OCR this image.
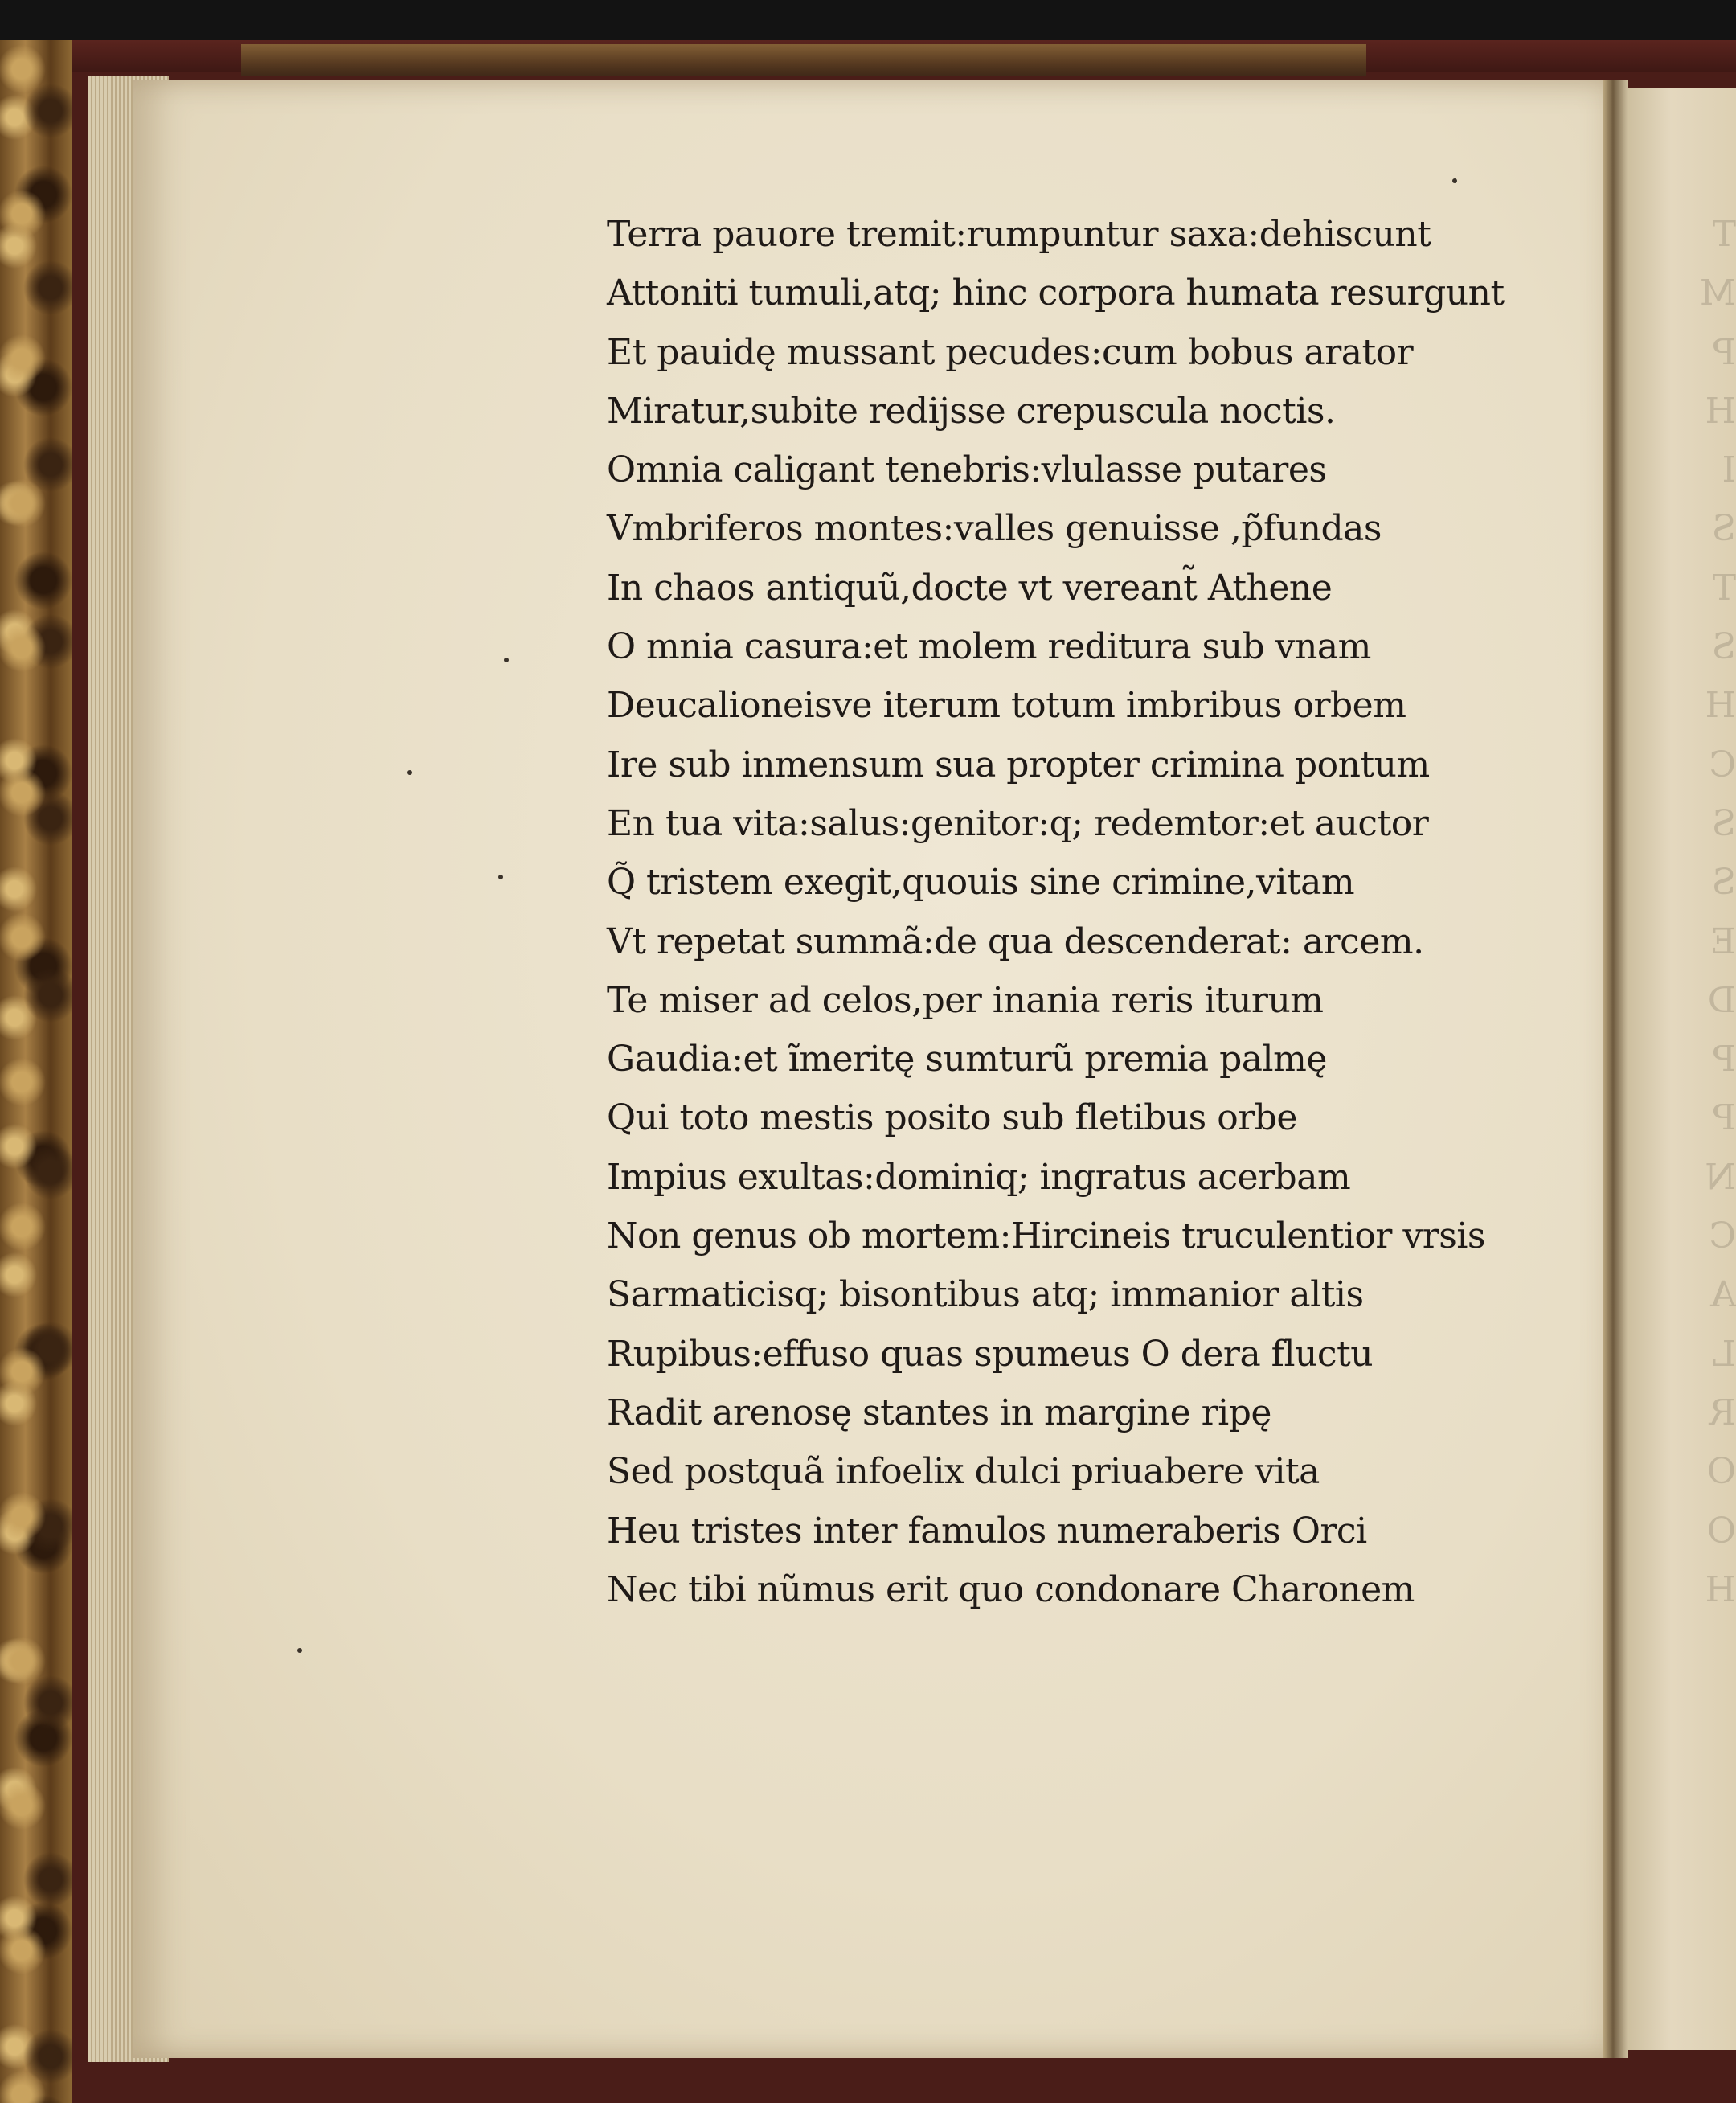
T
M
P
H
I
S
T
S
H
C
S
S
E
D
P
P
N
C
A
L
R
O
O
H
Terra pauore tremit:rumpuntur saxa:dehiscunt
Attoniti tumuli,atq; hinc corpora humata resurgunt
Et pauidę mussant pecudes:cum bobus arator
Miratur,subite redijsse crepuscula noctis.
Omnia caligant tenebris:vlulasse putares
Vmbriferos montes:valles genuisse ,p̃fundas
In chaos antiquũ,docte vt vereant̃ Athene
O mnia casura:et molem reditura sub vnam
Deucalioneisve iterum totum imbribus orbem
Ire sub inmensum sua propter crimina pontum
En tua vita:salus:genitor:q; redemtor:et auctor
Q̃ tristem exegit,quouis sine crimine,vitam
Vt repetat summã:de qua descenderat: arcem.
Te miser ad celos,per inania reris iturum
Gaudia:et ĩmeritę sumturũ premia palmę
Qui toto mestis posito sub fletibus orbe
Impius exultas:dominiq; ingratus acerbam
Non genus ob mortem:Hircineis truculentior vrsis
Sarmaticisq; bisontibus atq; immanior altis
Rupibus:effuso quas spumeus O dera fluctu
Radit arenosę stantes in margine ripę
Sed postquã infoelix dulci priuabere vita
Heu tristes inter famulos numeraberis Orci
Nec tibi nũmus erit quo condonare Charonem
